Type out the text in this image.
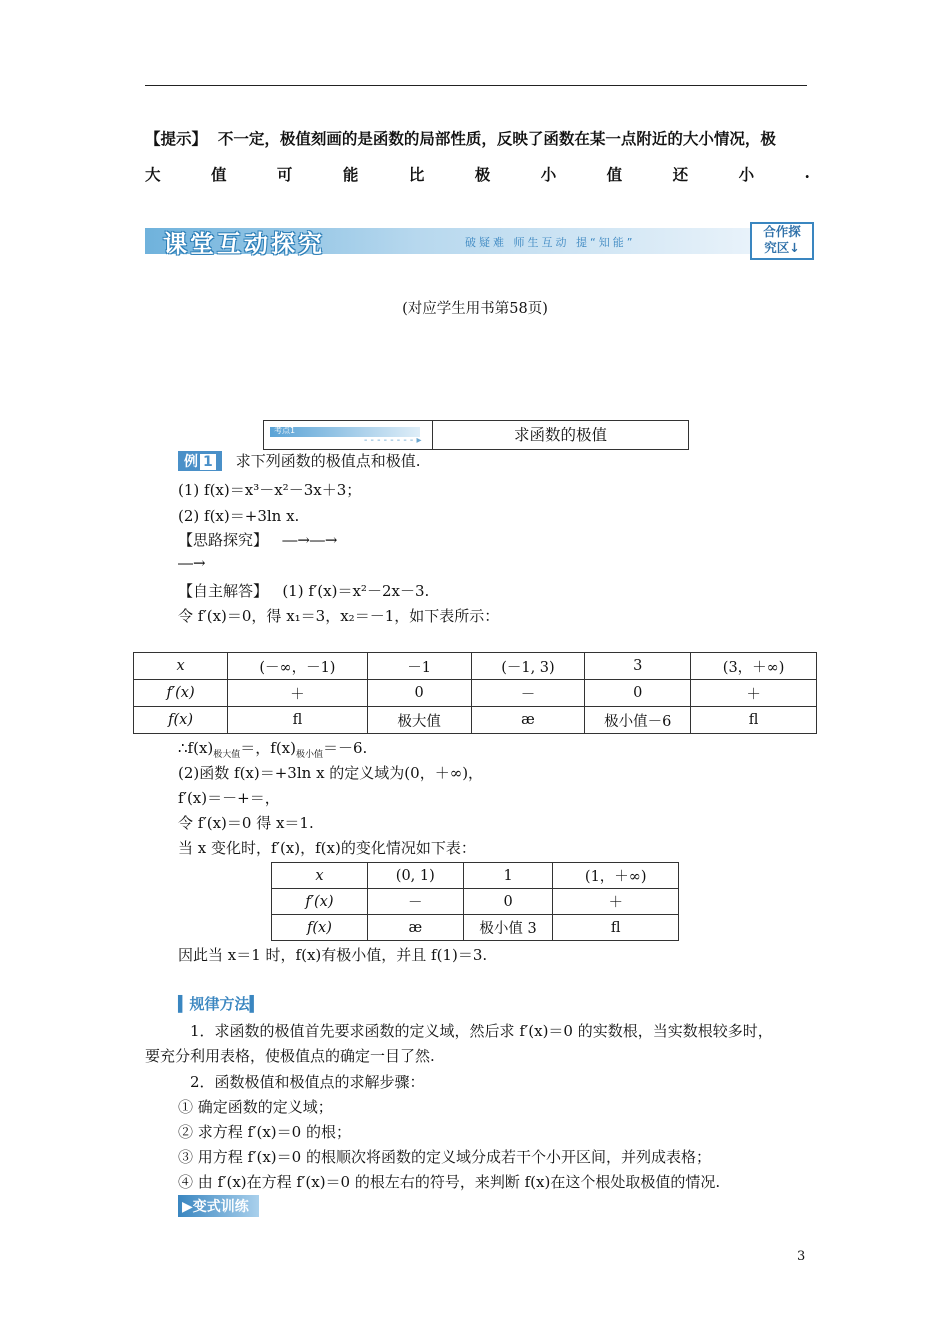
【提示】 不一定，极值刻画的是函数的局部性质，反映了函数在某一点附近的大小情况，极
大	值	可	能	比	极	小	值	还	小	.
课堂互动探究	破疑难 师生互动 提“知能”
合作探
究区↓
(对应学生用书第58页)
考点1
- - - - - - - - ▸	求函数的极值
例 1 求下列函数的极值点和极值.
(1) f(x)＝x³－x²－3x＋3；
(2) f(x)＝+3ln x.
【思路探究】 ―→―→
―→
【自主解答】 (1) f′(x)＝x²－2x－3.
令 f′(x)＝0，得 x₁＝3，x₂＝－1，如下表所示：
x	(－∞，－1)	－1	(－1, 3)	3	(3，＋∞)
f′(x)	＋	0	－	0	＋
f(x)	ﬂ	极大值	æ	极小值－6	ﬂ
$\therefore f(x)_{极大值}=$，$f(x)_{极小值}=-6$.
(2)函数 f(x)＝+3ln x 的定义域为(0，＋∞)，
f′(x)＝－+＝，
令 f′(x)＝0 得 x＝1.
当 x 变化时，f′(x)，f(x)的变化情况如下表：
x	(0, 1)	1	(1，＋∞)
f′(x)	－	0	＋
f(x)	æ	极小值 3	ﬂ
因此当 x＝1 时，f(x)有极小值，并且 f(1)＝3.
▍规律方法▍
1．求函数的极值首先要求函数的定义域，然后求 f′(x)＝0 的实数根，当实数根较多时，
要充分利用表格，使极值点的确定一目了然.
2．函数极值和极值点的求解步骤：
① 确定函数的定义域；
② 求方程 f′(x)＝0 的根；
③ 用方程 f′(x)＝0 的根顺次将函数的定义域分成若干个小开区间，并列成表格；
④ 由 f′(x)在方程 f′(x)＝0 的根左右的符号，来判断 f(x)在这个根处取极值的情况.
▶变式训练
3
